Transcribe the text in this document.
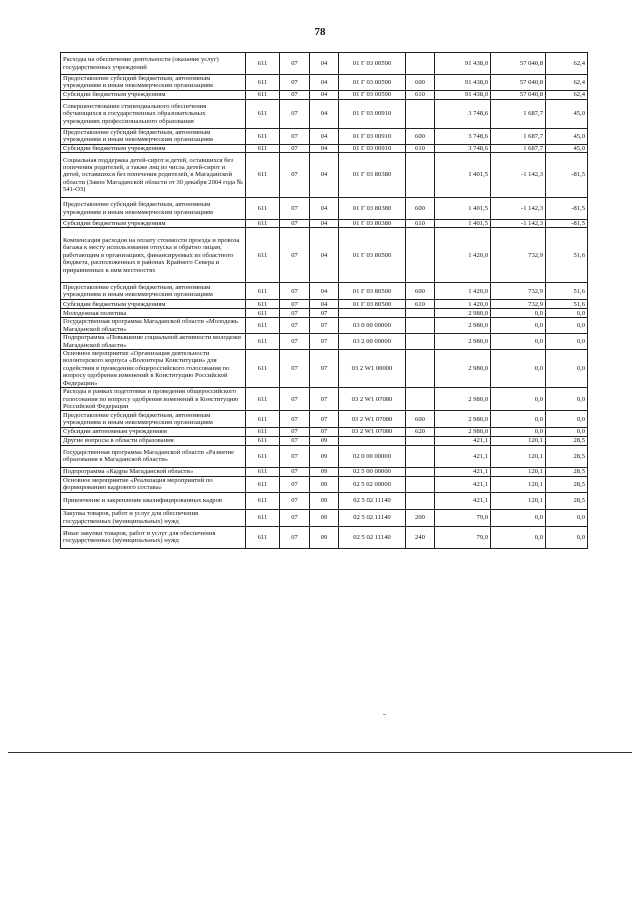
78
Расходы на обеспечение деятельности (оказание услуг) государственных учреждений	611	07	04	01 Г 03 00590		91 438,0	57 040,8	62,4
Предоставление субсидий бюджетным, автономным учреждениям и иным некоммерческим организациям	611	07	04	01 Г 03 00590	600	91 438,0	57 040,8	62,4
Субсидии бюджетным учреждениям	611	07	04	01 Г 03 00590	610	91 438,0	57 040,8	62,4
Совершенствование стипендиального обеспечения обучающихся в государственных образовательных учреждениях профессионального образования	611	07	04	01 Г 03 00910		3 748,6	1 687,7	45,0
Предоставление субсидий бюджетным, автономным учреждениям и иным некоммерческим организациям	611	07	04	01 Г 03 00910	600	3 748,6	1 687,7	45,0
Субсидии бюджетным учреждениям	611	07	04	01 Г 03 00910	610	3 748,6	1 687,7	45,0
Социальная поддержка детей-сирот и детей, оставшихся без попечения родителей, а также лиц из числа детей-сирот и детей, оставшихся без попечения родителей, в Магаданской области (Закон Магаданской области от 30 декабря 2004 года № 541-ОЗ)	611	07	04	01 Г 03 80380		1 401,5	-1 142,3	-81,5
Предоставление субсидий бюджетным, автономным учреждениям и иным некоммерческим организациям	611	07	04	01 Г 03 80380	600	1 401,5	-1 142,3	-81,5
Субсидии бюджетным учреждениям	611	07	04	01 Г 03 80380	610	1 401,5	-1 142,3	-81,5
Компенсация расходов на оплату стоимости проезда и провоза багажа к месту использования отпуска и обратно лицам, работающим в организациях, финансируемых из областного бюджета, расположенных в районах Крайнего Севера и приравненных к ним местностях	611	07	04	01 Г 03 80500		1 420,0	732,9	51,6
Предоставление субсидий бюджетным, автономным учреждениям и иным некоммерческим организациям	611	07	04	01 Г 03 80500	600	1 420,0	732,9	51,6
Субсидии бюджетным учреждениям	611	07	04	01 Г 03 80500	610	1 420,0	732,9	51,6
Молодежная политика	611	07	07			2 980,0	0,0	0,0
Государственная программа Магаданской области «Молодежь Магаданской области»	611	07	07	03 0 00 00000		2 980,0	0,0	0,0
Подпрограмма «Повышение социальной активности молодежи Магаданской области»	611	07	07	03 2 00 00000		2 980,0	0,0	0,0
Основное мероприятие «Организация деятельности волонтерского корпуса «Волонтеры Конституции» для содействия в проведении общероссийского голосования по вопросу одобрения изменений в Конституцию Российской Федерации»	611	07	07	03 2 W1 00000		2 980,0	0,0	0,0
Расходы в рамках подготовки и проведения общероссийского голосования по вопросу одобрения изменений в Конституцию Российской Федерации	611	07	07	03 2 W1 07080		2 980,0	0,0	0,0
Предоставление субсидий бюджетным, автономным учреждениям и иным некоммерческим организациям	611	07	07	03 2 W1 07080	600	2 980,0	0,0	0,0
Субсидии автономным учреждениям	611	07	07	03 2 W1 07080	620	2 980,0	0,0	0,0
Другие вопросы в области образования	611	07	09			421,1	120,1	28,5
Государственная программа Магаданской области «Развитие образования в Магаданской области»	611	07	09	02 0 00 00000		421,1	120,1	28,5
Подпрограмма «Кадры Магаданской области»	611	07	09	02 5 00 00000		421,1	120,1	28,5
Основное мероприятие «Реализация мероприятий по формированию кадрового состава»	611	07	09	02 5 02 00000		421,1	120,1	28,5
Привлечение и закрепление квалифицированных кадров	611	07	09	02 5 02 11140		421,1	120,1	28,5
Закупка товаров, работ и услуг для обеспечения государственных (муниципальных) нужд	611	07	09	02 5 02 11140	200	79,0	0,0	0,0
Иные закупки товаров, работ и услуг для обеспечения государственных (муниципальных) нужд	611	07	09	02 5 02 11140	240	79,0	0,0	0,0
